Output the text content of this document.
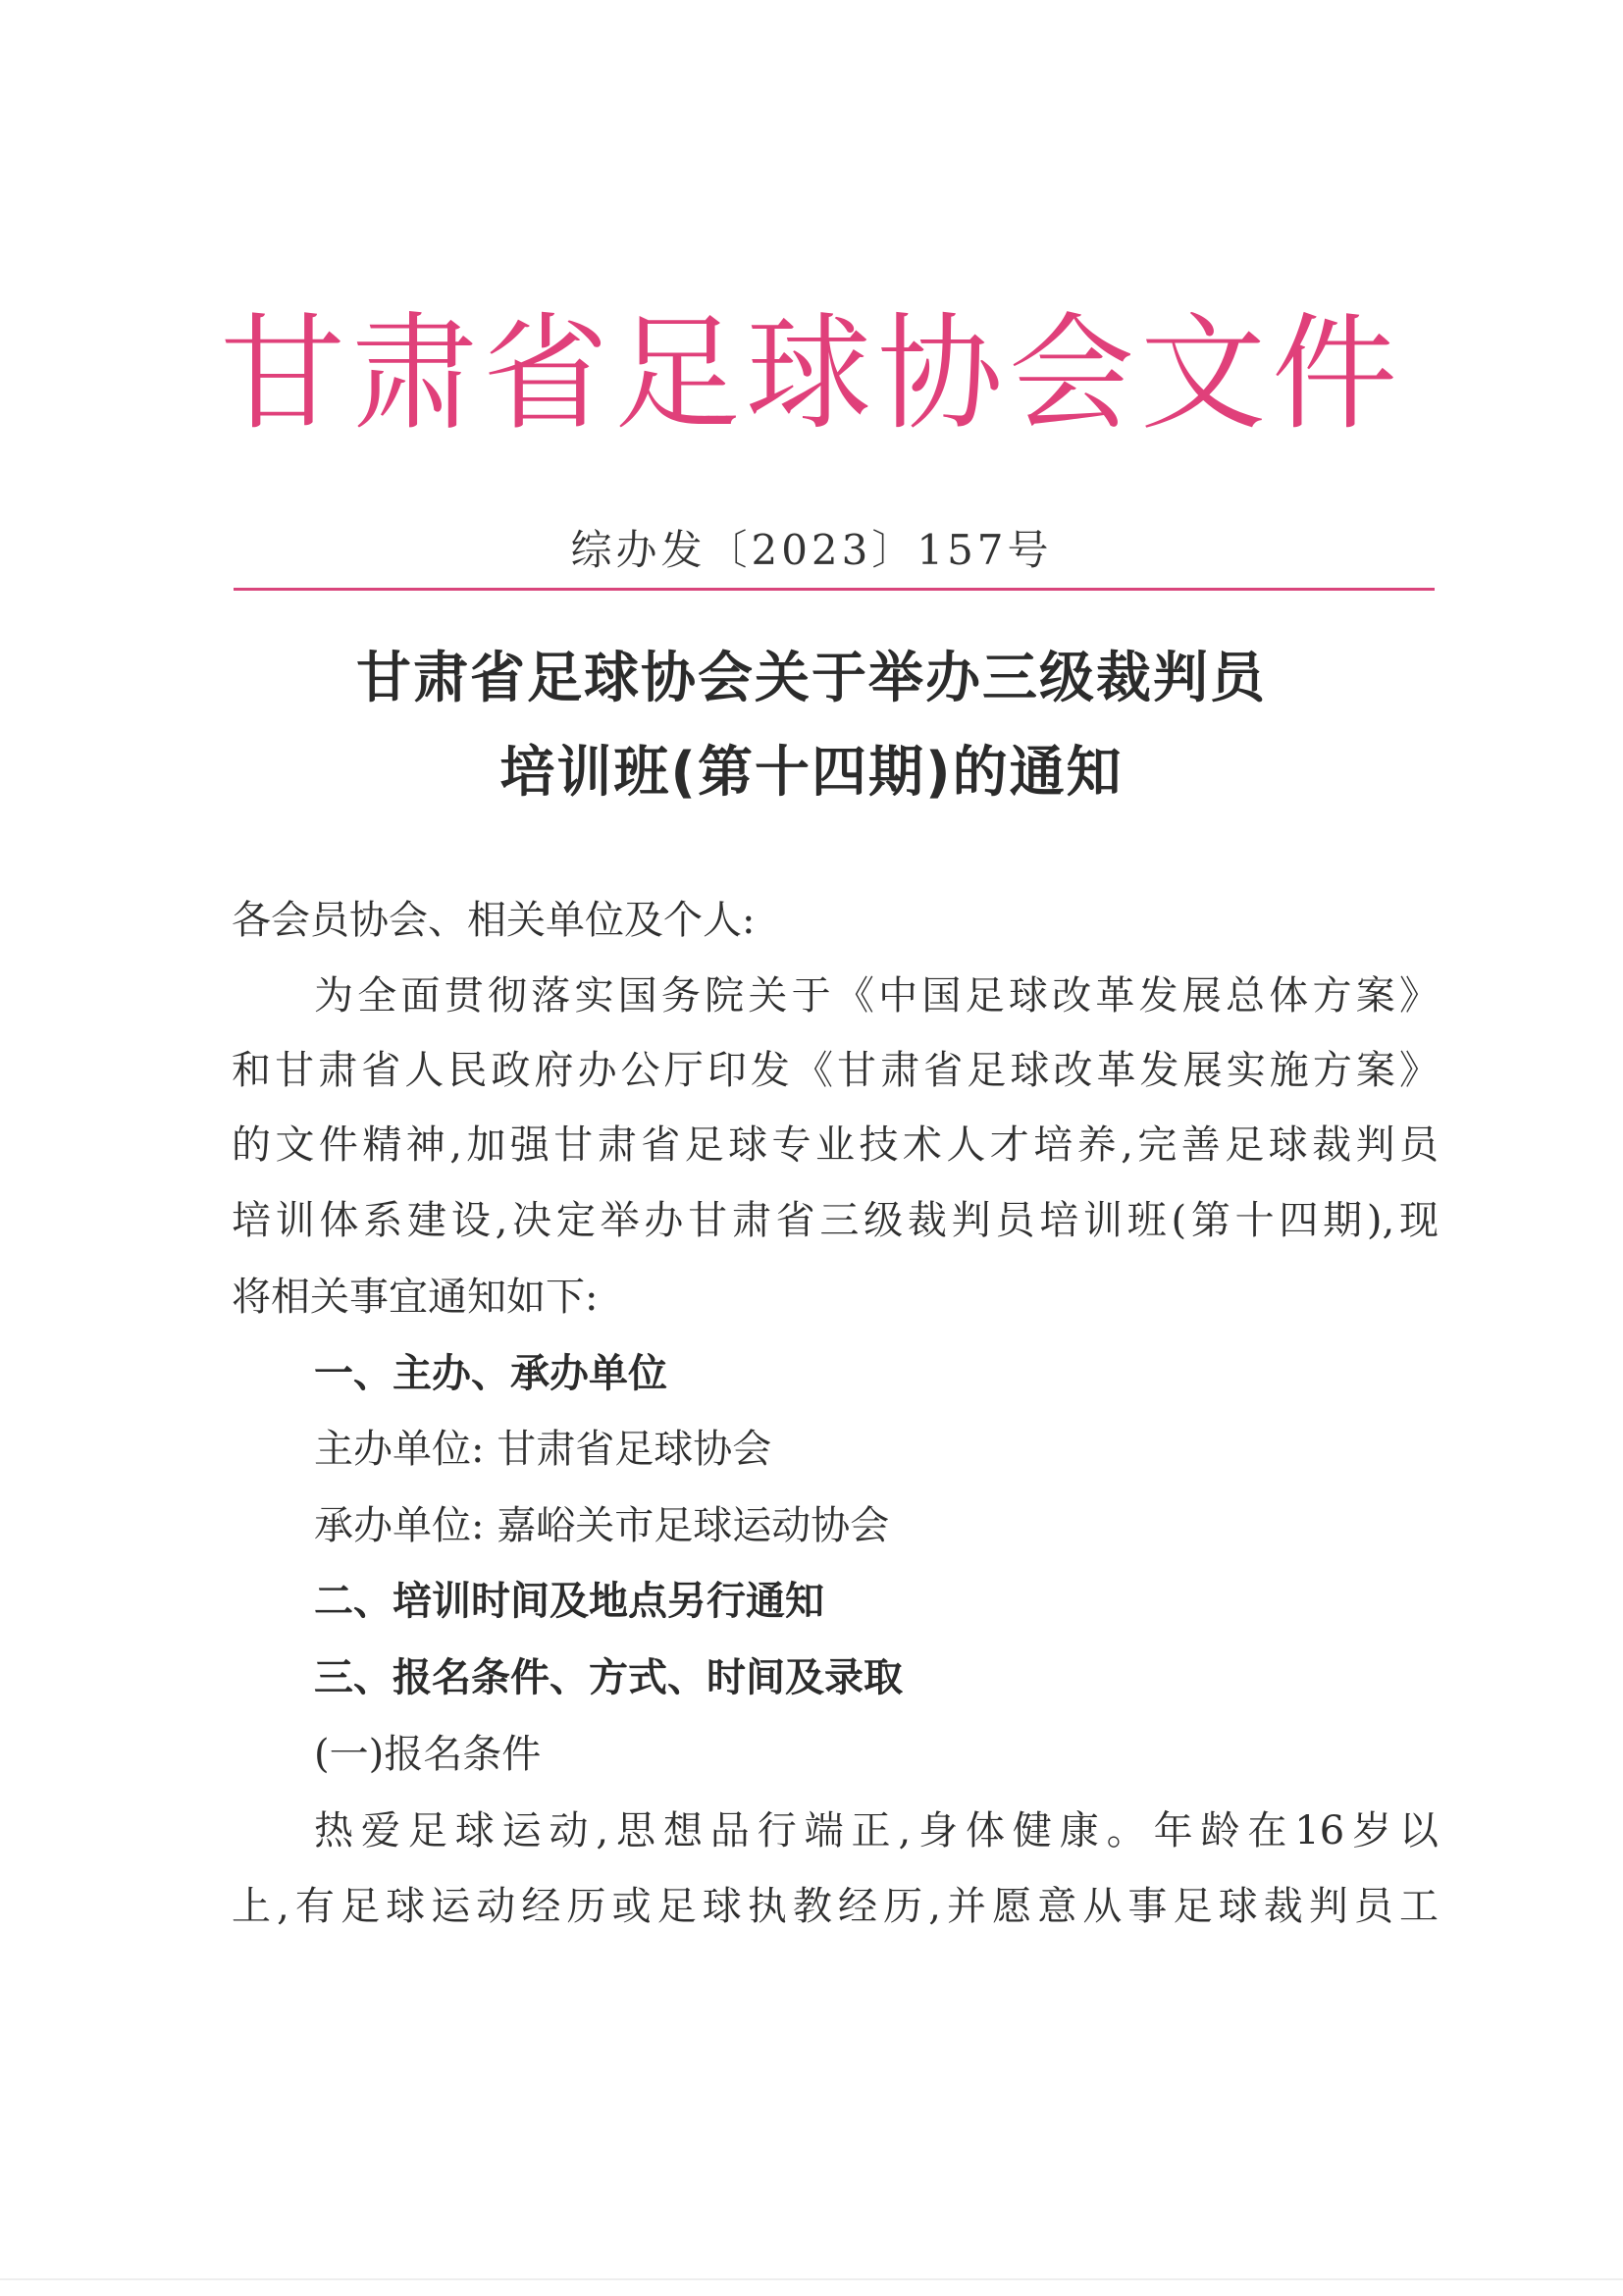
甘肃省足球协会文件
综办发〔2023〕157号
甘肃省足球协会关于举办三级裁判员
培训班(第十四期)的通知
各会员协会、相关单位及个人:
为全面贯彻落实国务院关于《中国足球改革发展总体方案》
和甘肃省人民政府办公厅印发《甘肃省足球改革发展实施方案》
的文件精神,加强甘肃省足球专业技术人才培养,完善足球裁判员
培训体系建设,决定举办甘肃省三级裁判员培训班(第十四期),现
将相关事宜通知如下:
一、主办、承办单位
主办单位: 甘肃省足球协会
承办单位: 嘉峪关市足球运动协会
二、培训时间及地点另行通知
三、报名条件、方式、时间及录取
(一)报名条件
热爱足球运动,思想品行端正,身体健康。年龄在16岁以
上,有足球运动经历或足球执教经历,并愿意从事足球裁判员工
